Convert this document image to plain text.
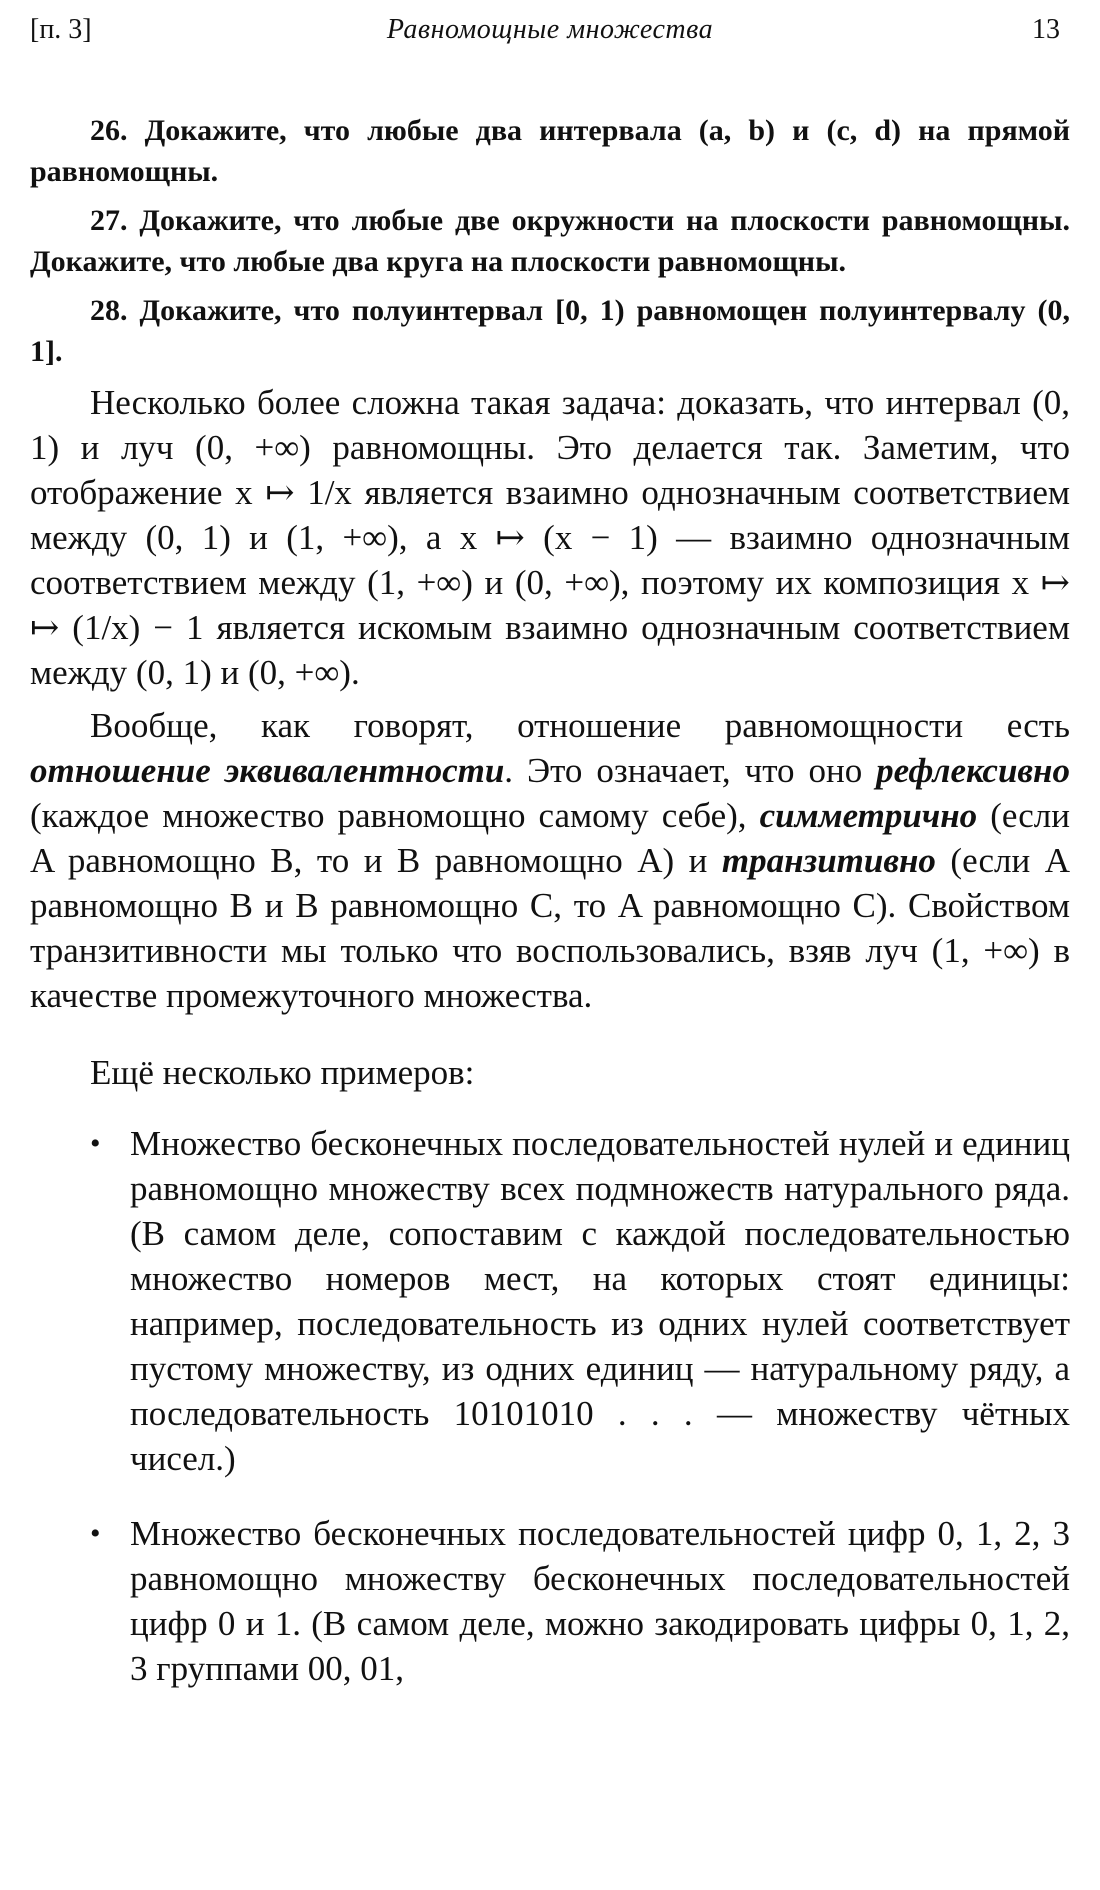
[п. 3]	Равномощные множества	13

26. Докажите, что любые два интервала (a, b) и (c, d) на прямой равномощны.

27. Докажите, что любые две окружности на плоскости равномощны. Докажите, что любые два круга на плоскости равномощны.

28. Докажите, что полуинтервал [0, 1) равномощен полуинтервалу (0, 1].

Несколько более сложна такая задача: доказать, что интервал (0, 1) и луч (0, +∞) равномощны. Это делается так. Заметим, что отображение x ↦ 1/x является взаимно однозначным соответствием между (0, 1) и (1, +∞), а x ↦ (x − 1) — взаимно однозначным соответствием между (1, +∞) и (0, +∞), поэтому их композиция x ↦ ↦ (1/x) − 1 является искомым взаимно однозначным соответствием между (0, 1) и (0, +∞).

Вообще, как говорят, отношение равномощности есть отношение эквивалентности. Это означает, что оно рефлексивно (каждое множество равномощно самому себе), симметрично (если A равномощно B, то и B равномощно A) и транзитивно (если A равномощно B и B равномощно C, то A равномощно C). Свойством транзитивности мы только что воспользовались, взяв луч (1, +∞) в качестве промежуточного множества.

Ещё несколько примеров:

• Множество бесконечных последовательностей нулей и единиц равномощно множеству всех подмножеств натурального ряда. (В самом деле, сопоставим с каждой последовательностью множество номеров мест, на которых стоят единицы: например, последовательность из одних нулей соответствует пустому множеству, из одних единиц — натуральному ряду, а последовательность 10101010 . . . — множеству чётных чисел.)
• Множество бесконечных последовательностей цифр 0, 1, 2, 3 равномощно множеству бесконечных последовательностей цифр 0 и 1. (В самом деле, можно закодировать цифры 0, 1, 2, 3 группами 00, 01,
